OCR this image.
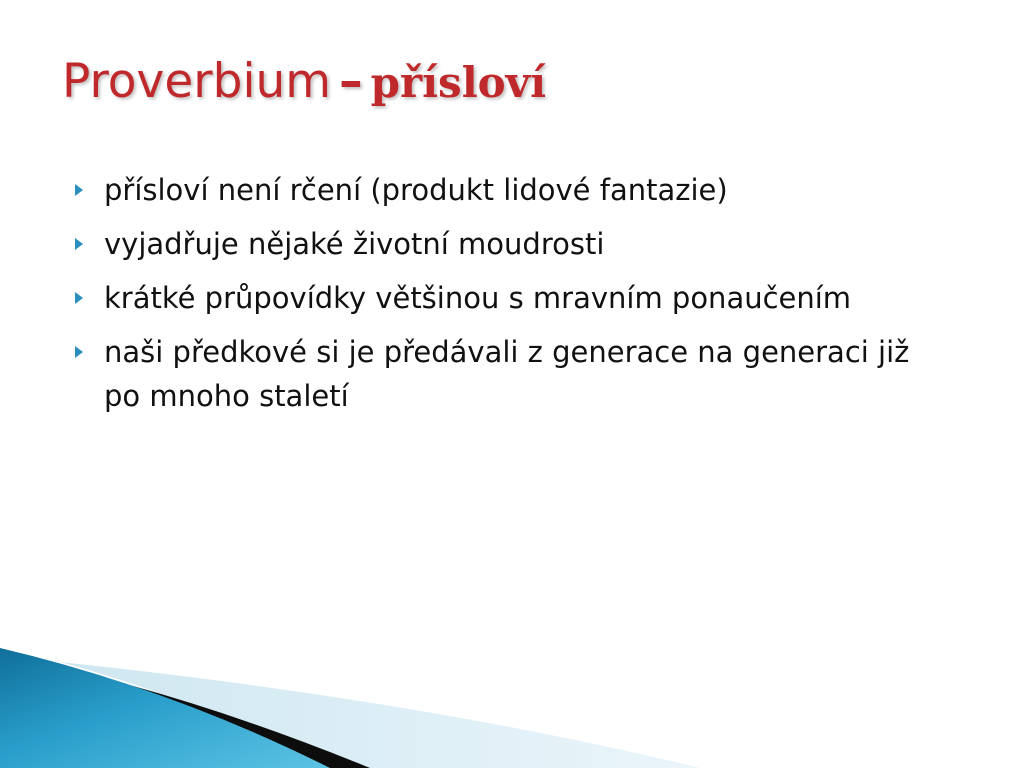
Proverbium – přísloví
přísloví není rčení (produkt lidové fantazie)
vyjadřuje nějaké životní moudrosti
krátké průpovídky většinou s mravním ponaučením
naši předkové si je předávali z generace na generaci již po mnoho staletí
